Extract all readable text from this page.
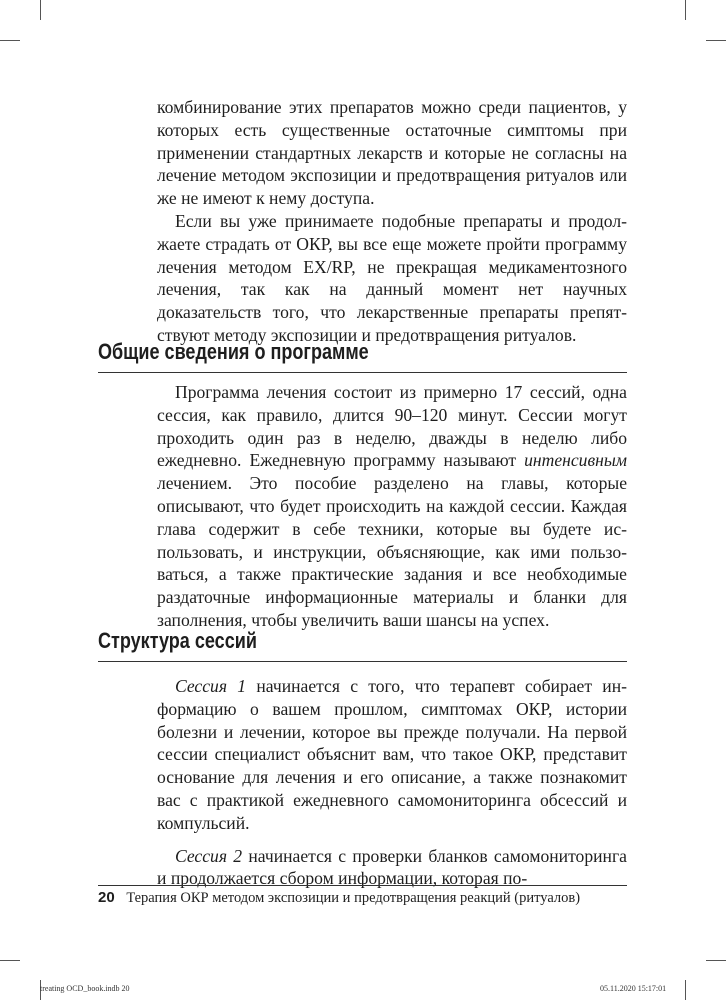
комбинирование этих препаратов можно среди пациентов, у которых есть существенные остаточные симптомы при применении стандартных лекарств и которые не согласны на лечение методом экспозиции и предотвращения ритуалов или же не имеют к нему доступа.

Если вы уже принимаете подобные препараты и продолжаете страдать от ОКР, вы все еще можете пройти программу лечения методом EX/RP, не прекращая медикаментозного лечения, так как на данный момент нет научных доказательств того, что лекарственные препараты препятствуют методу экспозиции и предотвращения ритуалов.

Общие сведения о программе

Программа лечения состоит из примерно 17 сессий, одна сессия, как правило, длится 90–120 минут. Сессии могут проходить один раз в неделю, дважды в неделю либо ежедневно. Ежедневную программу называют интенсивным лечением. Это пособие разделено на главы, которые описывают, что будет происходить на каждой сессии. Каждая глава содержит в себе техники, которые вы будете использовать, и инструкции, объясняющие, как ими пользоваться, а также практические задания и все необходимые раздаточные информационные материалы и бланки для заполнения, чтобы увеличить ваши шансы на успех.

Структура сессий

Сессия 1 начинается с того, что терапевт собирает информацию о вашем прошлом, симптомах ОКР, истории болезни и лечении, которое вы прежде получали. На первой сессии специалист объяснит вам, что такое ОКР, представит основание для лечения и его описание, а также познакомит вас с практикой ежедневного самомониторинга обсессий и компульсий.

Сессия 2 начинается с проверки бланков самомониторинга и продолжается сбором информации, которая по-

20 Терапия ОКР методом экспозиции и предотвращения реакций (ритуалов)
treating OCD_book.indb 20	05.11.2020 15:17:01
